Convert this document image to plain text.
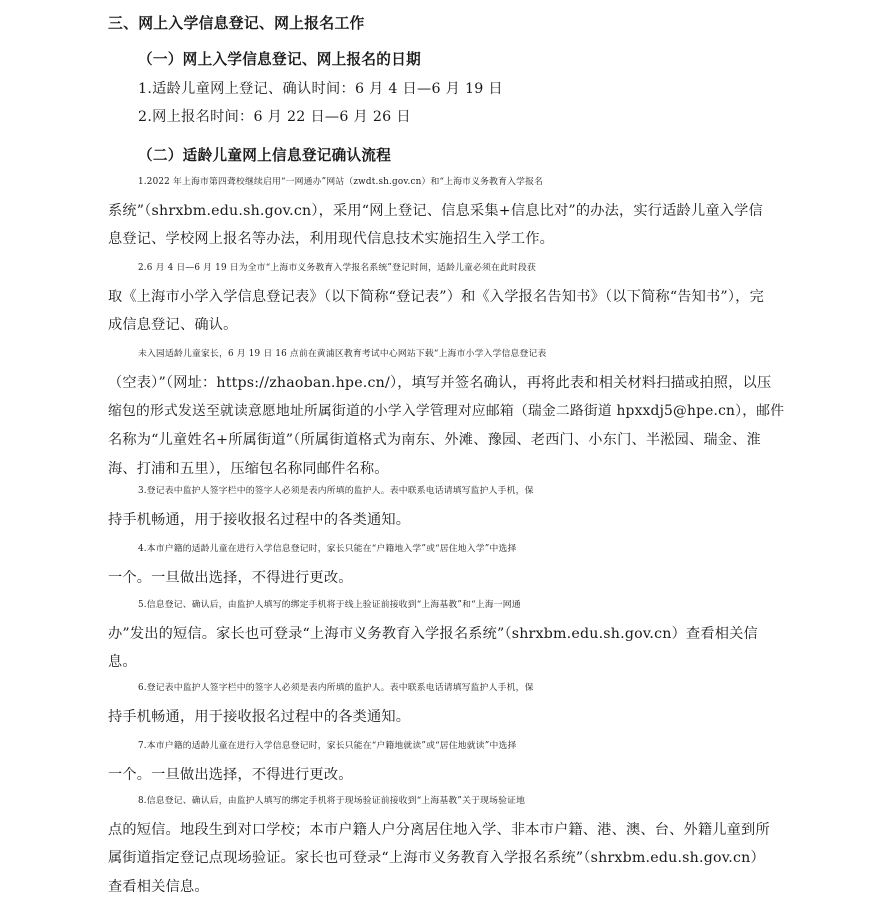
三、网上入学信息登记、网上报名工作
（一）网上入学信息登记、网上报名的日期

1.适龄儿童网上登记、确认时间：6 月 4 日—6 月 19 日

2.网上报名时间：6 月 22 日—6 月 26 日

（二）适龄儿童网上信息登记确认流程
1.2022 年上海市第四聋校继续启用“一网通办”网站（zwdt.sh.gov.cn）和“上海市义务教育入学报名
系统”（shrxbm.edu.sh.gov.cn），采用“网上登记、信息采集+信息比对”的办法，实行适龄儿童入学信
息登记、学校网上报名等办法，利用现代信息技术实施招生入学工作。
2.6 月 4 日—6 月 19 日为全市“上海市义务教育入学报名系统”登记时间，适龄儿童必须在此时段获
取《上海市小学入学信息登记表》（以下简称“登记表”）和《入学报名告知书》（以下简称“告知书”），完
成信息登记、确认。
未入园适龄儿童家长，6 月 19 日 16 点前在黄浦区教育考试中心网站下载“上海市小学入学信息登记表
（空表）”（网址：https://zhaoban.hpe.cn/），填写并签名确认，再将此表和相关材料扫描或拍照，以压
缩包的形式发送至就读意愿地址所属街道的小学入学管理对应邮箱（瑞金二路街道 hpxxdj5@hpe.cn），邮件
名称为“儿童姓名+所属街道”（所属街道格式为南东、外滩、豫园、老西门、小东门、半淞园、瑞金、淮
海、打浦和五里），压缩包名称同邮件名称。
3.登记表中监护人签字栏中的签字人必须是表内所填的监护人。表中联系电话请填写监护人手机，保
持手机畅通，用于接收报名过程中的各类通知。
4.本市户籍的适龄儿童在进行入学信息登记时，家长只能在“户籍地入学”或“居住地入学”中选择
一个。一旦做出选择，不得进行更改。
5.信息登记、确认后，由监护人填写的绑定手机将于线上验证前接收到“上海基教”和“上海一网通
办”发出的短信。家长也可登录“上海市义务教育入学报名系统”（shrxbm.edu.sh.gov.cn）查看相关信
息。
6.登记表中监护人签字栏中的签字人必须是表内所填的监护人。表中联系电话请填写监护人手机，保
持手机畅通，用于接收报名过程中的各类通知。
7.本市户籍的适龄儿童在进行入学信息登记时，家长只能在“户籍地就读”或“居住地就读”中选择
一个。一旦做出选择，不得进行更改。
8.信息登记、确认后，由监护人填写的绑定手机将于现场验证前接收到“上海基教”关于现场验证地
点的短信。地段生到对口学校；本市户籍人户分离居住地入学、非本市户籍、港、澳、台、外籍儿童到所
属街道指定登记点现场验证。家长也可登录“上海市义务教育入学报名系统”（shrxbm.edu.sh.gov.cn）
查看相关信息。
